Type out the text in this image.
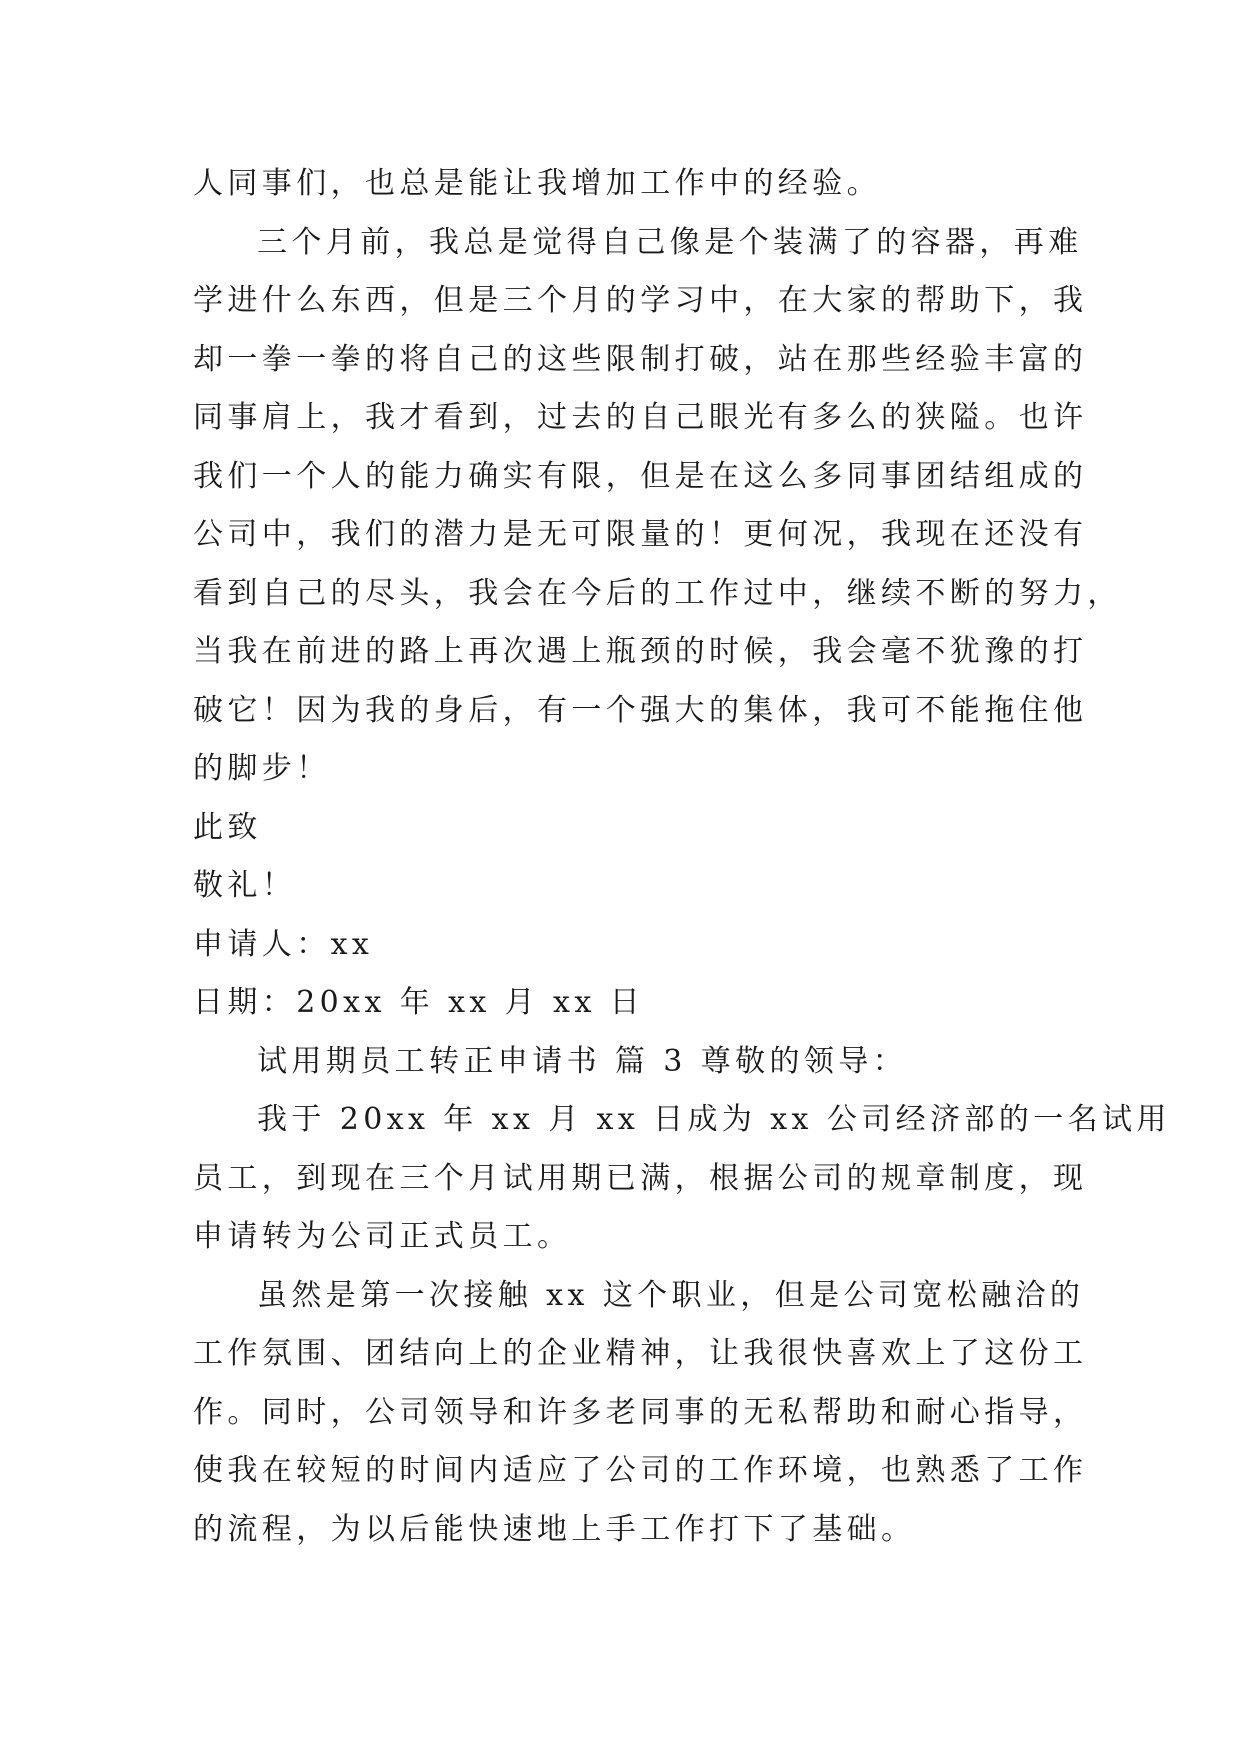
人同事们，也总是能让我增加工作中的经验。
三个月前，我总是觉得自己像是个装满了的容器，再难
学进什么东西，但是三个月的学习中，在大家的帮助下，我
却一拳一拳的将自己的这些限制打破，站在那些经验丰富的
同事肩上，我才看到，过去的自己眼光有多么的狭隘。也许
我们一个人的能力确实有限，但是在这么多同事团结组成的
公司中，我们的潜力是无可限量的！更何况，我现在还没有
看到自己的尽头，我会在今后的工作过中，继续不断的努力，
当我在前进的路上再次遇上瓶颈的时候，我会毫不犹豫的打
破它！因为我的身后，有一个强大的集体，我可不能拖住他
的脚步！
此致
敬礼！
申请人：xx
日期：20xx 年 xx 月 xx 日
试用期员工转正申请书 篇 3 尊敬的领导：
我于 20xx 年 xx 月 xx 日成为 xx 公司经济部的一名试用
员工，到现在三个月试用期已满，根据公司的规章制度，现
申请转为公司正式员工。
虽然是第一次接触 xx 这个职业，但是公司宽松融洽的
工作氛围、团结向上的企业精神，让我很快喜欢上了这份工
作。同时，公司领导和许多老同事的无私帮助和耐心指导，
使我在较短的时间内适应了公司的工作环境，也熟悉了工作
的流程，为以后能快速地上手工作打下了基础。
